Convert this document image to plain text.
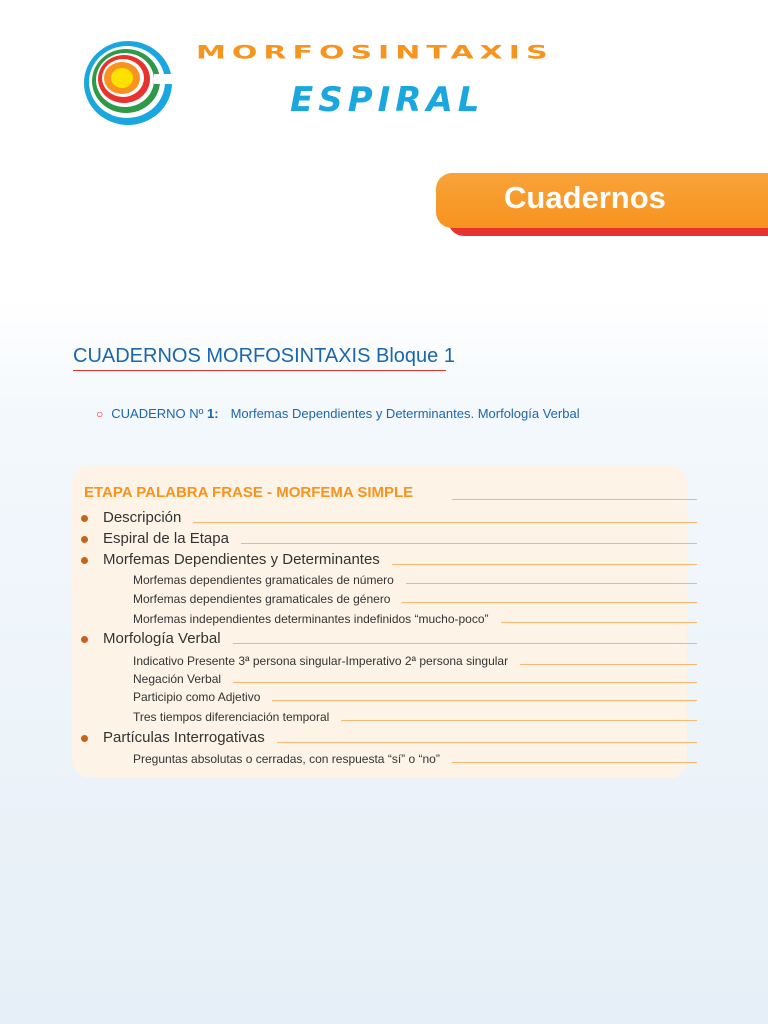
MORFOSINTAXIS
ESPIRAL
Cuadernos
CUADERNOS MORFOSINTAXIS Bloque 1
○ CUADERNO Nº 1: Morfemas Dependientes y Determinantes. Morfología Verbal
ETAPA PALABRA FRASE - MORFEMA SIMPLE
Descripción
Espiral de la Etapa
Morfemas Dependientes y Determinantes
Morfemas dependientes gramaticales de número
Morfemas dependientes gramaticales de género
Morfemas independientes determinantes indefinidos “mucho-poco”
Morfología Verbal
Indicativo Presente 3ª persona singular-Imperativo 2ª persona singular
Negación Verbal
Participio como Adjetivo
Tres tiempos diferenciación temporal
Partículas Interrogativas
Preguntas absolutas o cerradas, con respuesta “sí” o “no”
